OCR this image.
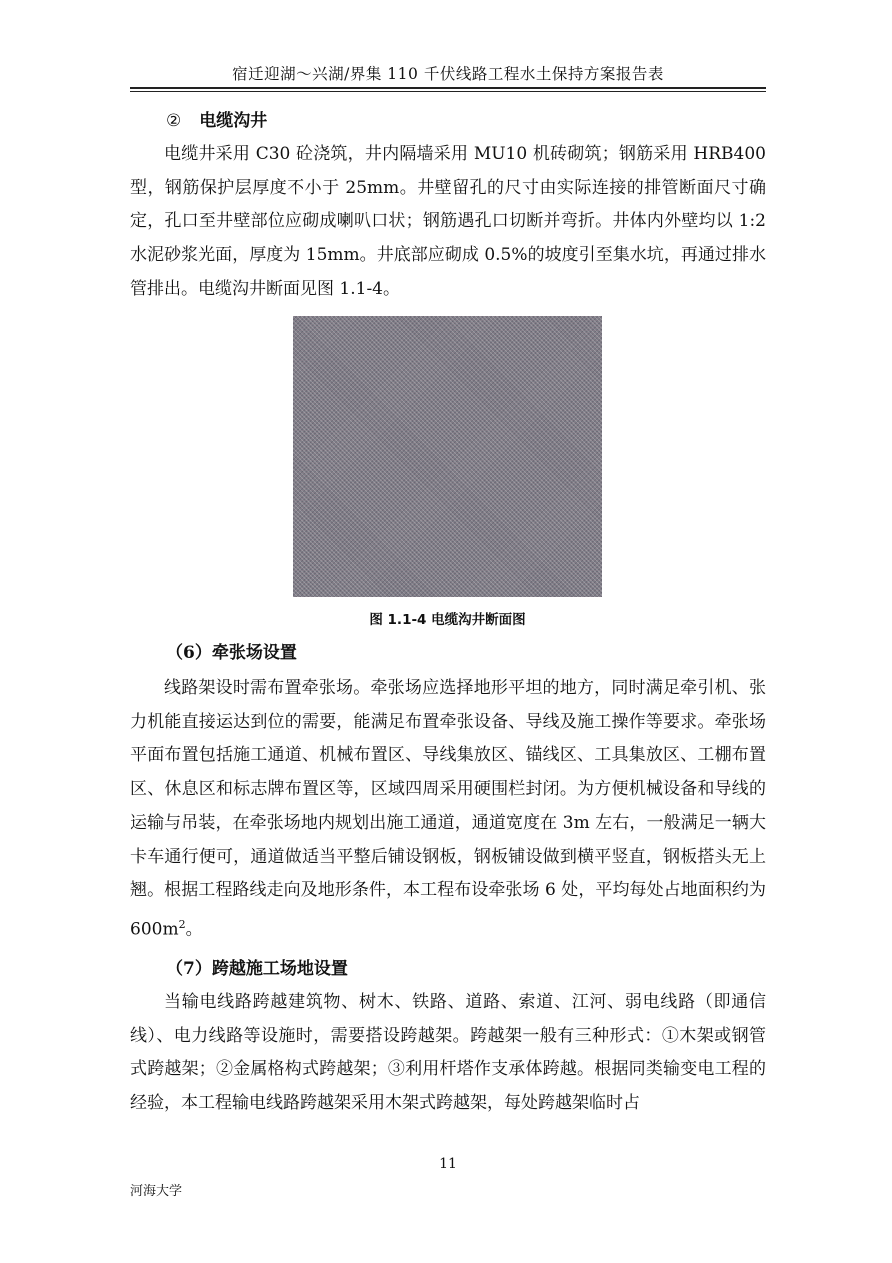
宿迁迎湖～兴湖/界集 110 千伏线路工程水土保持方案报告表
② 电缆沟井
电缆井采用 C30 砼浇筑，井内隔墙采用 MU10 机砖砌筑；钢筋采用 HRB400 型，钢筋保护层厚度不小于 25mm。井壁留孔的尺寸由实际连接的排管断面尺寸确定，孔口至井壁部位应砌成喇叭口状；钢筋遇孔口切断并弯折。井体内外壁均以 1:2 水泥砂浆光面，厚度为 15mm。井底部应砌成 0.5%的坡度引至集水坑，再通过排水管排出。电缆沟井断面见图 1.1-4。
图 1.1-4 电缆沟井断面图
（6）牵张场设置
线路架设时需布置牵张场。牵张场应选择地形平坦的地方，同时满足牵引机、张力机能直接运达到位的需要，能满足布置牵张设备、导线及施工操作等要求。牵张场平面布置包括施工通道、机械布置区、导线集放区、锚线区、工具集放区、工棚布置区、休息区和标志牌布置区等，区域四周采用硬围栏封闭。为方便机械设备和导线的运输与吊装，在牵张场地内规划出施工通道，通道宽度在 3m 左右，一般满足一辆大卡车通行便可，通道做适当平整后铺设钢板，钢板铺设做到横平竖直，钢板搭头无上翘。根据工程路线走向及地形条件，本工程布设牵张场 6 处，平均每处占地面积约为 $600m^2$。
（7）跨越施工场地设置
当输电线路跨越建筑物、树木、铁路、道路、索道、江河、弱电线路（即通信线）、电力线路等设施时，需要搭设跨越架。跨越架一般有三种形式：①木架或钢管式跨越架；②金属格构式跨越架；③利用杆塔作支承体跨越。根据同类输变电工程的经验，本工程输电线路跨越架采用木架式跨越架，每处跨越架临时占
11
河海大学
